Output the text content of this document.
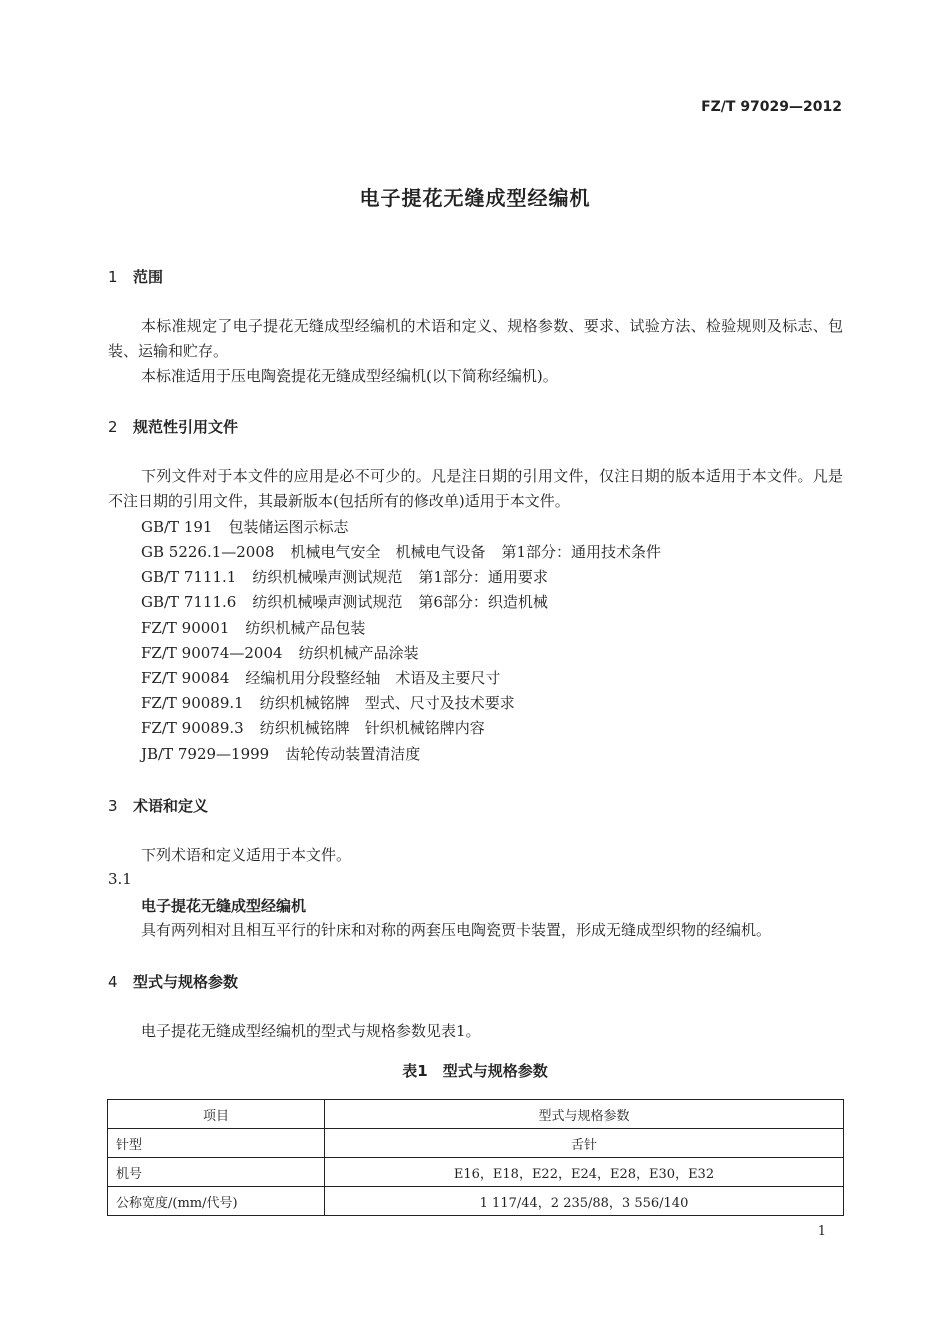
FZ/T 97029—2012
电子提花无缝成型经编机
1 范围
本标准规定了电子提花无缝成型经编机的术语和定义、规格参数、要求、试验方法、检验规则及标志、包装、运输和贮存。
本标准适用于压电陶瓷提花无缝成型经编机(以下简称经编机)。
2 规范性引用文件
下列文件对于本文件的应用是必不可少的。凡是注日期的引用文件，仅注日期的版本适用于本文件。凡是不注日期的引用文件，其最新版本(包括所有的修改单)适用于本文件。
GB/T 191 包装储运图示标志
GB 5226.1—2008 机械电气安全　机械电气设备 第1部分：通用技术条件
GB/T 7111.1 纺织机械噪声测试规范 第1部分：通用要求
GB/T 7111.6 纺织机械噪声测试规范 第6部分：织造机械
FZ/T 90001 纺织机械产品包装
FZ/T 90074—2004 纺织机械产品涂装
FZ/T 90084 经编机用分段整经轴　术语及主要尺寸
FZ/T 90089.1 纺织机械铭牌　型式、尺寸及技术要求
FZ/T 90089.3 纺织机械铭牌　针织机械铭牌内容
JB/T 7929—1999 齿轮传动装置清洁度
3 术语和定义
下列术语和定义适用于本文件。
3.1
电子提花无缝成型经编机
具有两列相对且相互平行的针床和对称的两套压电陶瓷贾卡装置，形成无缝成型织物的经编机。
4 型式与规格参数
电子提花无缝成型经编机的型式与规格参数见表1。
表1　型式与规格参数
项目	型式与规格参数
针型	舌针
机号	E16，E18，E22，E24，E28，E30，E32
公称宽度/(mm/代号)	1 117/44，2 235/88，3 556/140
1
